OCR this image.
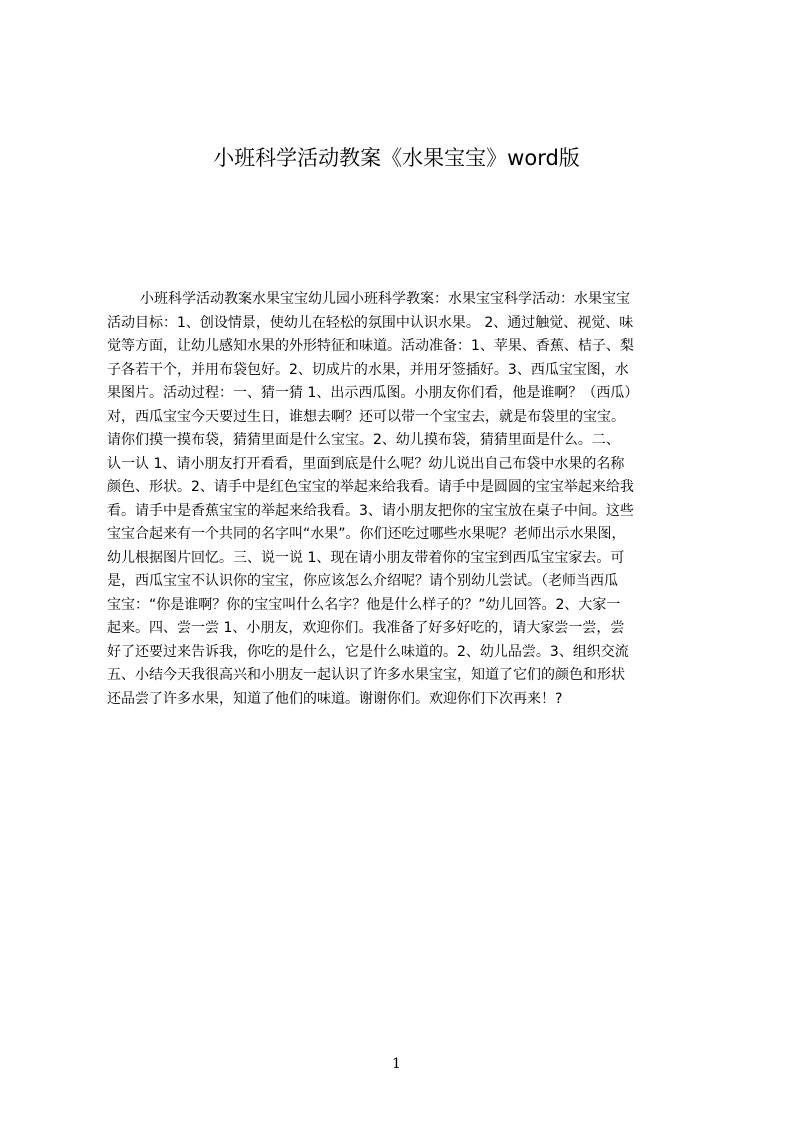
小班科学活动教案《水果宝宝》word版
小班科学活动教案水果宝宝幼儿园小班科学教案：水果宝宝科学活动：水果宝宝
活动目标：1、创设情景，使幼儿在轻松的氛围中认识水果。 2、通过触觉、视觉、味
觉等方面，让幼儿感知水果的外形特征和味道。活动准备：1、苹果、香蕉、桔子、梨
子各若干个，并用布袋包好。2、切成片的水果，并用牙签插好。3、西瓜宝宝图，水
果图片。活动过程：一、猜一猜 1、出示西瓜图。小朋友你们看，他是谁啊？（西瓜）
对，西瓜宝宝今天要过生日，谁想去啊？还可以带一个宝宝去，就是布袋里的宝宝。
请你们摸一摸布袋，猜猜里面是什么宝宝。2、幼儿摸布袋，猜猜里面是什么。二、
认一认 1、请小朋友打开看看，里面到底是什么呢？幼儿说出自己布袋中水果的名称
颜色、形状。2、请手中是红色宝宝的举起来给我看。请手中是圆圆的宝宝举起来给我
看。请手中是香蕉宝宝的举起来给我看。3、请小朋友把你的宝宝放在桌子中间。这些
宝宝合起来有一个共同的名字叫“水果”。你们还吃过哪些水果呢？老师出示水果图，
幼儿根据图片回忆。三、说一说 1、现在请小朋友带着你的宝宝到西瓜宝宝家去。可
是，西瓜宝宝不认识你的宝宝，你应该怎么介绍呢？请个别幼儿尝试。（老师当西瓜
宝宝：“你是谁啊？你的宝宝叫什么名字？他是什么样子的？”幼儿回答。2、大家一
起来。四、尝一尝 1、小朋友，欢迎你们。我准备了好多好吃的，请大家尝一尝，尝
好了还要过来告诉我，你吃的是什么，它是什么味道的。2、幼儿品尝。3、组织交流
五、小结今天我很高兴和小朋友一起认识了许多水果宝宝，知道了它们的颜色和形状
还品尝了许多水果，知道了他们的味道。谢谢你们。欢迎你们下次再来！?
1
